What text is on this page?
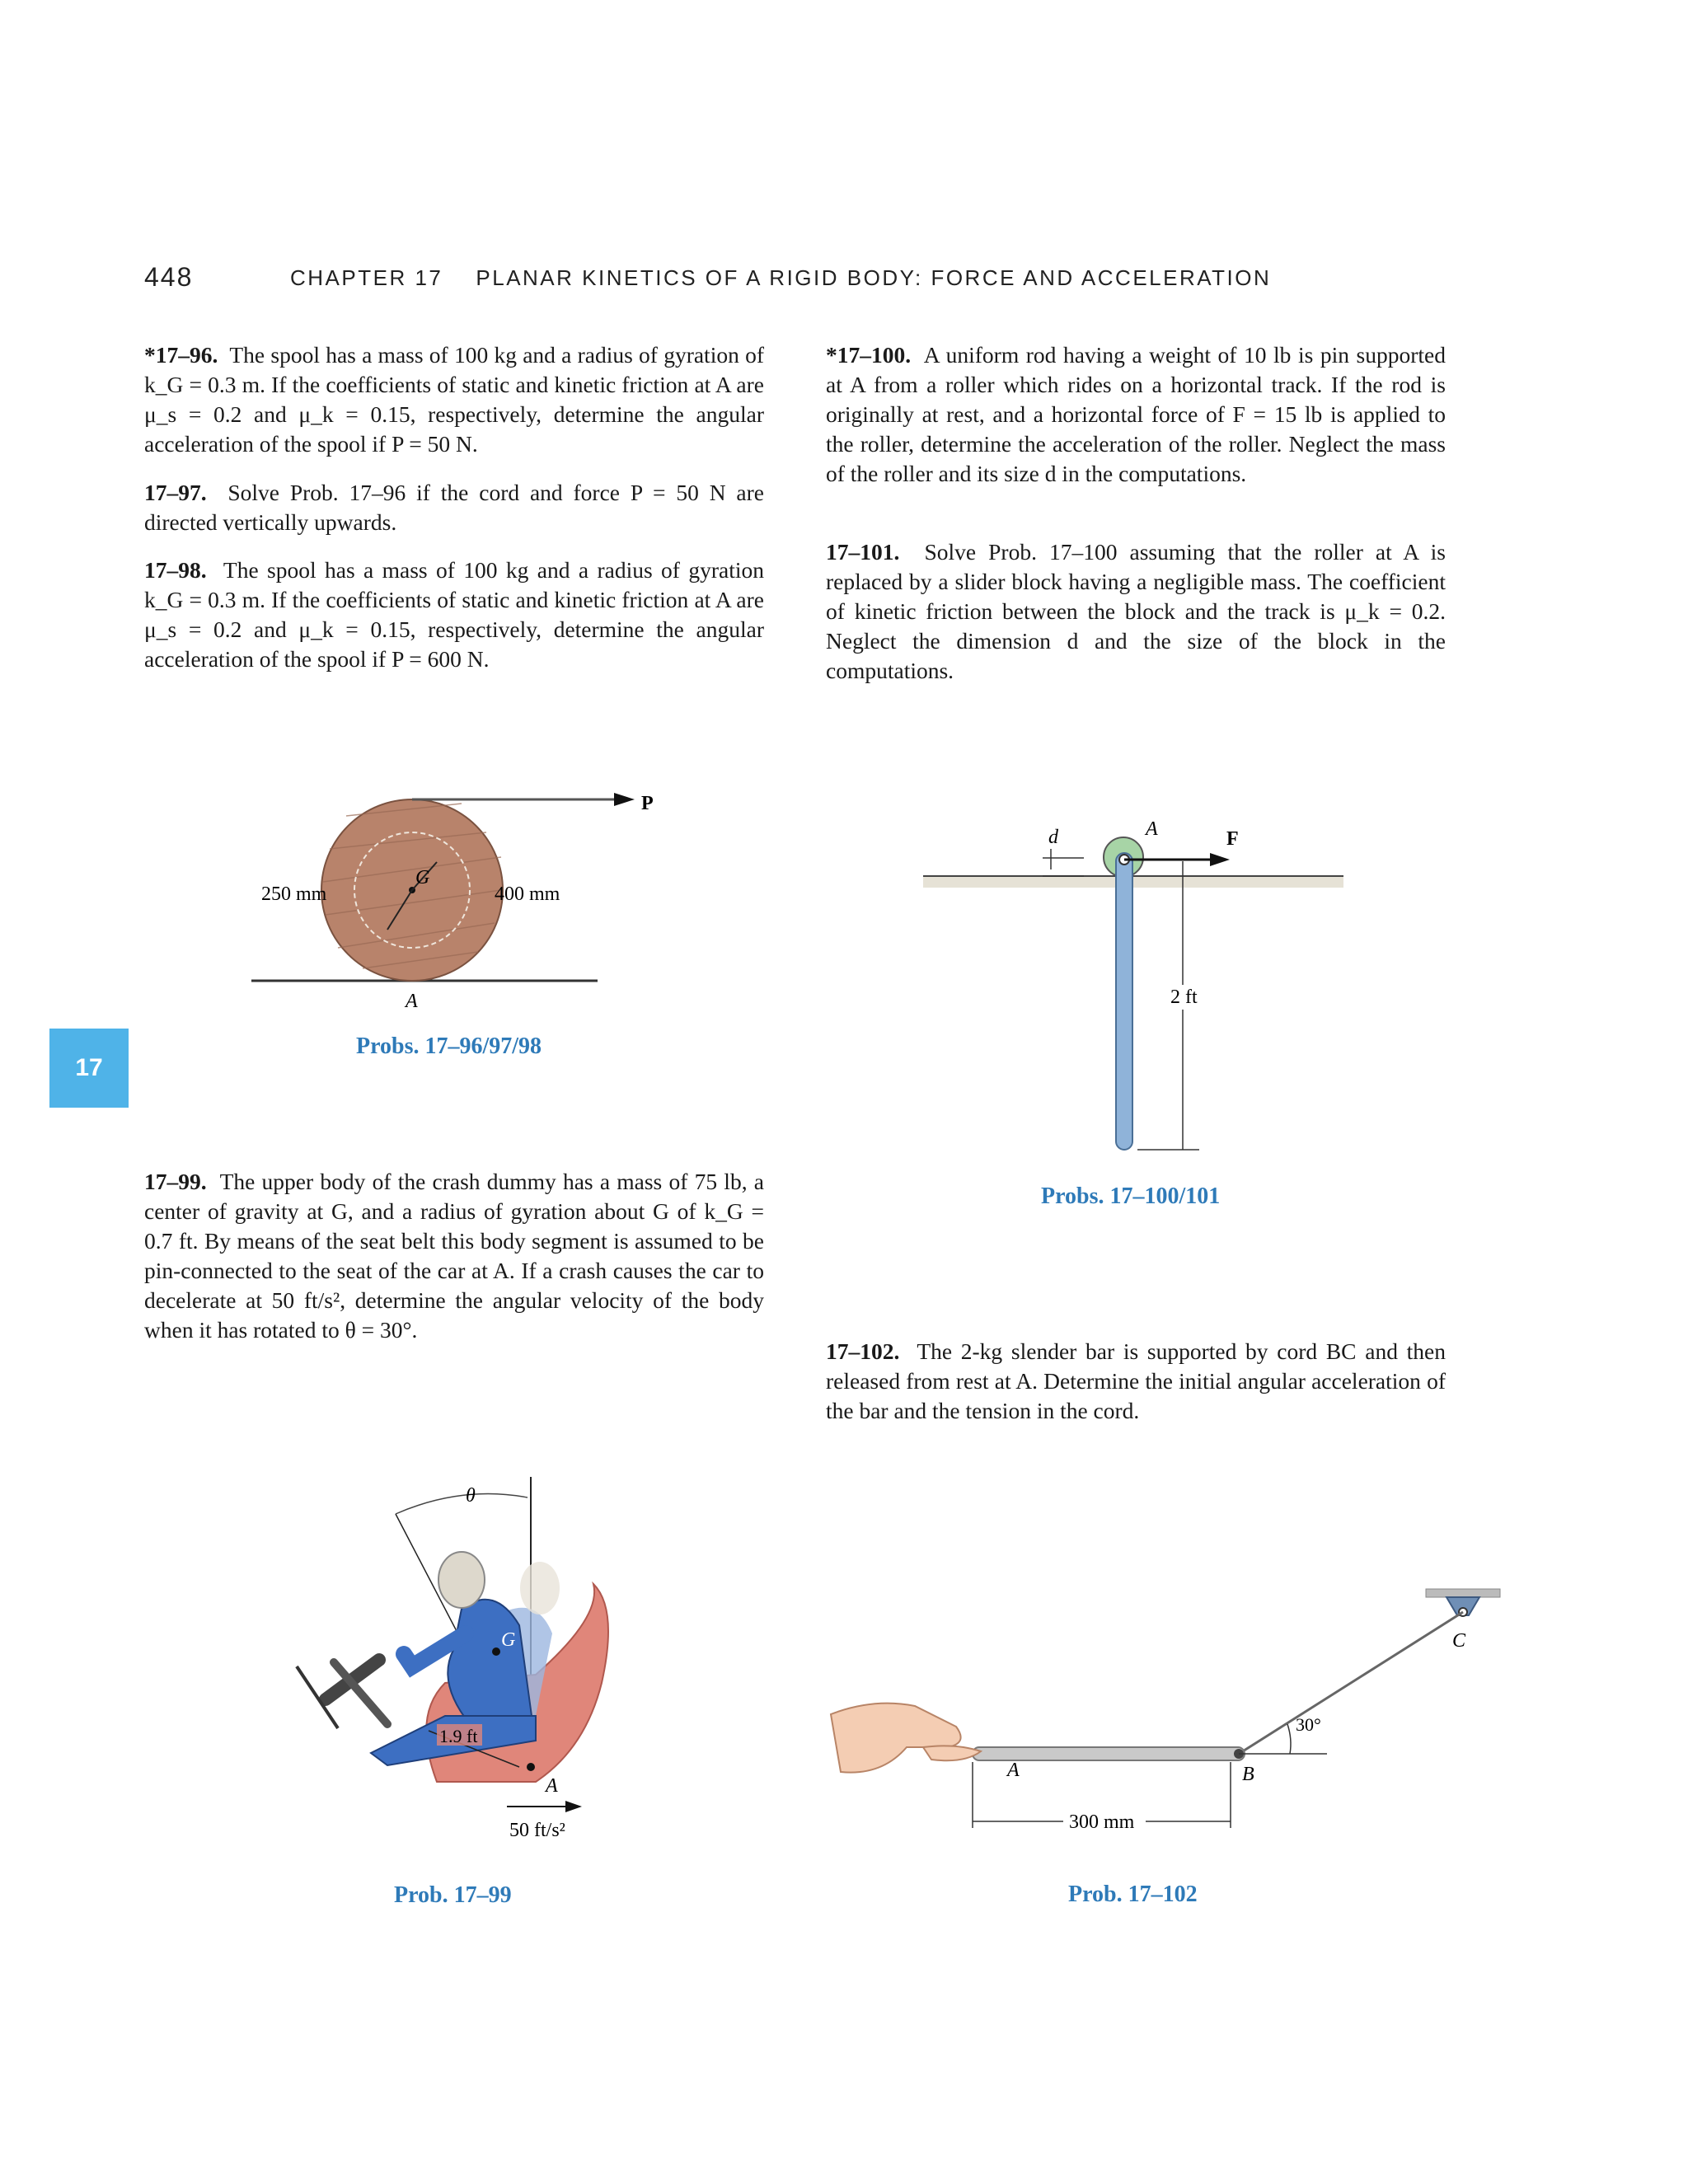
448	CHAPTER 17 PLANAR KINETICS OF A RIGID BODY: FORCE AND ACCELERATION
17

*17–96. The spool has a mass of 100 kg and a radius of gyration of k_G = 0.3 m. If the coefficients of static and kinetic friction at A are μ_s = 0.2 and μ_k = 0.15, respectively, determine the angular acceleration of the spool if P = 50 N.

17–97. Solve Prob. 17–96 if the cord and force P = 50 N are directed vertically upwards.

17–98. The spool has a mass of 100 kg and a radius of gyration k_G = 0.3 m. If the coefficients of static and kinetic friction at A are μ_s = 0.2 and μ_k = 0.15, respectively, determine the angular acceleration of the spool if P = 600 N.

17–99. The upper body of the crash dummy has a mass of 75 lb, a center of gravity at G, and a radius of gyration about G of k_G = 0.7 ft. By means of the seat belt this body segment is assumed to be pin-connected to the seat of the car at A. If a crash causes the car to decelerate at 50 ft/s², determine the angular velocity of the body when it has rotated to θ = 30°.

*17–100. A uniform rod having a weight of 10 lb is pin supported at A from a roller which rides on a horizontal track. If the rod is originally at rest, and a horizontal force of F = 15 lb is applied to the roller, determine the acceleration of the roller. Neglect the mass of the roller and its size d in the computations.

17–101. Solve Prob. 17–100 assuming that the roller at A is replaced by a slider block having a negligible mass. The coefficient of kinetic friction between the block and the track is μ_k = 0.2. Neglect the dimension d and the size of the block in the computations.

17–102. The 2-kg slender bar is supported by cord BC and then released from rest at A. Determine the initial angular acceleration of the bar and the tension in the cord.

250 mm	400 mm
G
A
P
Probs. 17–96/97/98
d	A	F
2 ft
Probs. 17–100/101
θ
G
1.9 ft
A
50 ft/s²
Prob. 17–99
C
30°
A	B
300 mm
Prob. 17–102
